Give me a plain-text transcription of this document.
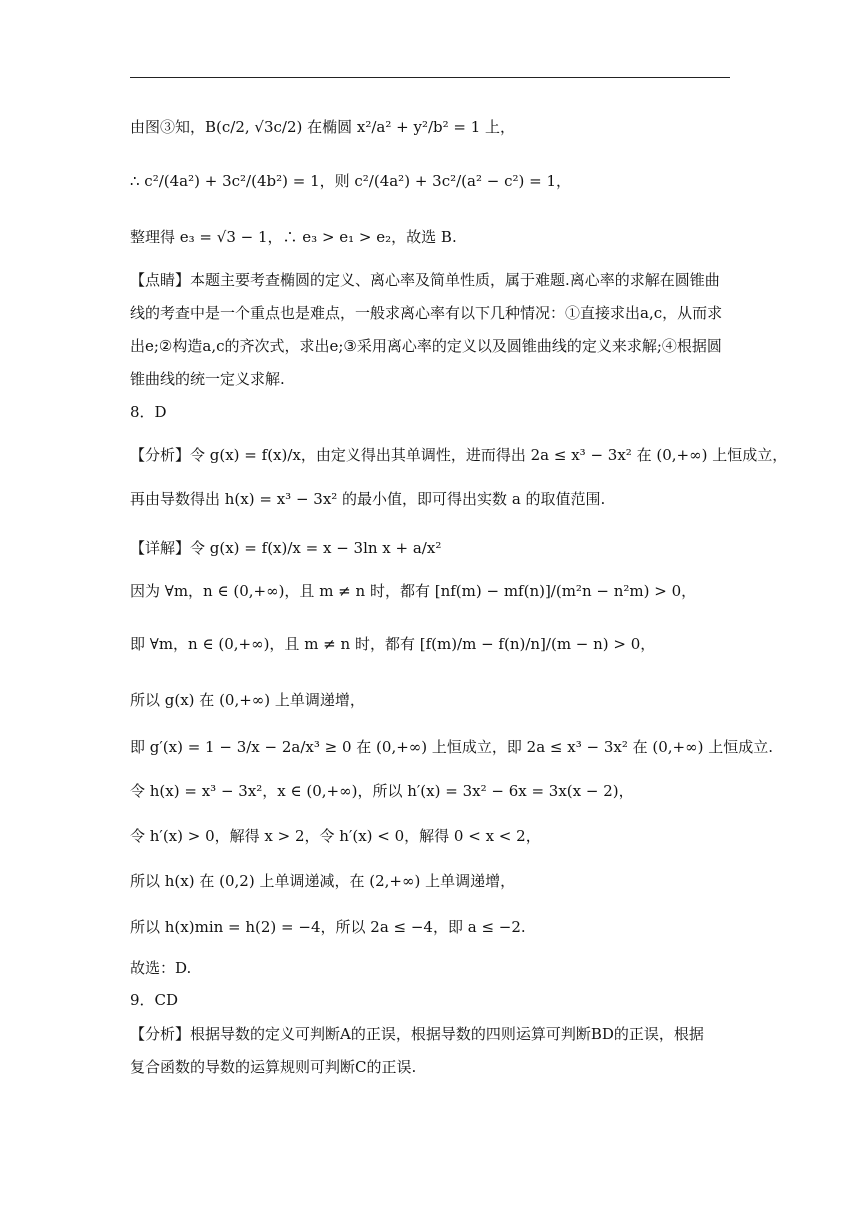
由图③知，B(c/2, √3c/2) 在椭圆 x²/a² + y²/b² = 1 上，
∴ c²/(4a²) + 3c²/(4b²) = 1，则 c²/(4a²) + 3c²/(a² − c²) = 1，
整理得 e₃ = √3 − 1，∴ e₃ > e₁ > e₂，故选 B.
【点睛】本题主要考查椭圆的定义、离心率及简单性质，属于难题.离心率的求解在圆锥曲
线的考查中是一个重点也是难点，一般求离心率有以下几种情况：①直接求出a,c，从而求
出e;②构造a,c的齐次式，求出e;③采用离心率的定义以及圆锥曲线的定义来求解;④根据圆
锥曲线的统一定义求解.
8．D
【分析】令 g(x) = f(x)/x，由定义得出其单调性，进而得出 2a ≤ x³ − 3x² 在 (0,+∞) 上恒成立，
再由导数得出 h(x) = x³ − 3x² 的最小值，即可得出实数 a 的取值范围.
【详解】令 g(x) = f(x)/x = x − 3ln x + a/x²
因为 ∀m，n ∈ (0,+∞)，且 m ≠ n 时，都有 [nf(m) − mf(n)]/(m²n − n²m) > 0，
即 ∀m，n ∈ (0,+∞)，且 m ≠ n 时，都有 [f(m)/m − f(n)/n]/(m − n) > 0，
所以 g(x) 在 (0,+∞) 上单调递增，
即 g′(x) = 1 − 3/x − 2a/x³ ≥ 0 在 (0,+∞) 上恒成立，即 2a ≤ x³ − 3x² 在 (0,+∞) 上恒成立.
令 h(x) = x³ − 3x²，x ∈ (0,+∞)，所以 h′(x) = 3x² − 6x = 3x(x − 2)，
令 h′(x) > 0，解得 x > 2，令 h′(x) < 0，解得 0 < x < 2，
所以 h(x) 在 (0,2) 上单调递减，在 (2,+∞) 上单调递增，
所以 h(x)min = h(2) = −4，所以 2a ≤ −4，即 a ≤ −2.
故选：D.
9．CD
【分析】根据导数的定义可判断A的正误，根据导数的四则运算可判断BD的正误，根据
复合函数的导数的运算规则可判断C的正误.
